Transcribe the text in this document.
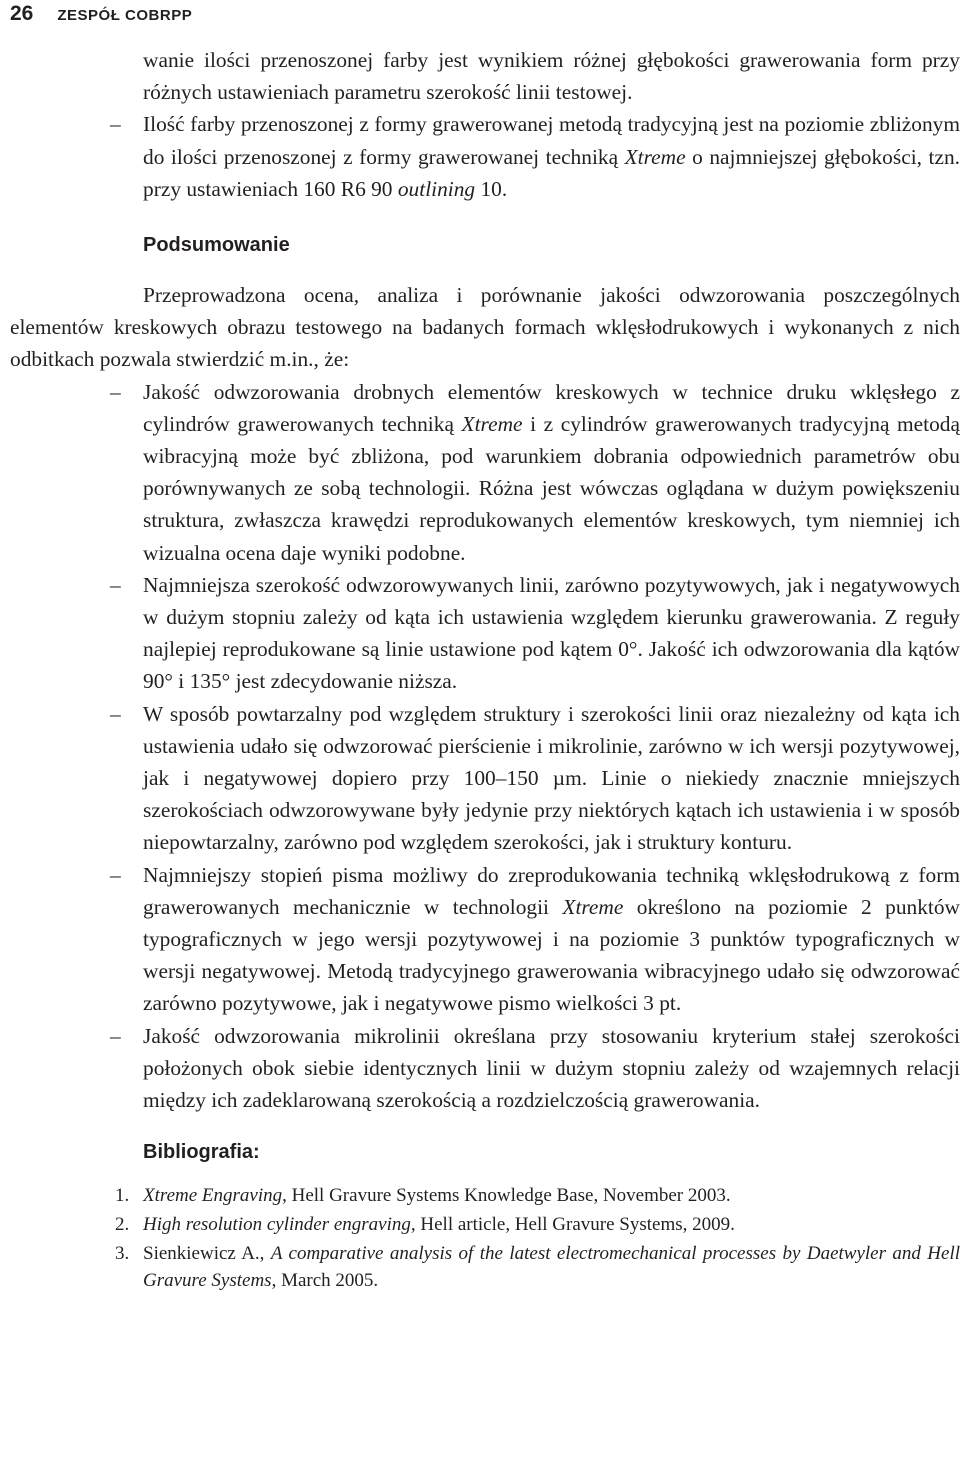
26 ZESPÓŁ COBRPP

wanie ilości przenoszonej farby jest wynikiem różnej głębokości grawerowania form przy różnych ustawieniach parametru szerokość linii testowej.

–	Ilość farby przenoszonej z formy grawerowanej metodą tradycyjną jest na poziomie zbliżonym do ilości przenoszonej z formy grawerowanej techniką Xtreme o najmniejszej głębokości, tzn. przy ustawieniach 160 R6 90 outlining 10.

Podsumowanie

Przeprowadzona ocena, analiza i porównanie jakości odwzorowania poszczególnych elementów kreskowych obrazu testowego na badanych formach wklęsłodrukowych i wykonanych z nich odbitkach pozwala stwierdzić m.in., że:

–	Jakość odwzorowania drobnych elementów kreskowych w technice druku wklęsłego z cylindrów grawerowanych techniką Xtreme i z cylindrów grawerowanych tradycyjną metodą wibracyjną może być zbliżona, pod warunkiem dobrania odpowiednich parametrów obu porównywanych ze sobą technologii. Różna jest wówczas oglądana w dużym powiększeniu struktura, zwłaszcza krawędzi reprodukowanych elementów kreskowych, tym niemniej ich wizualna ocena daje wyniki podobne.

–	Najmniejsza szerokość odwzorowywanych linii, zarówno pozytywowych, jak i negatywowych w dużym stopniu zależy od kąta ich ustawienia względem kierunku grawerowania. Z reguły najlepiej reprodukowane są linie ustawione pod kątem 0°. Jakość ich odwzorowania dla kątów 90° i 135° jest zdecydowanie niższa.

–	W sposób powtarzalny pod względem struktury i szerokości linii oraz niezależny od kąta ich ustawienia udało się odwzorować pierścienie i mikrolinie, zarówno w ich wersji pozytywowej, jak i negatywowej dopiero przy 100–150 µm. Linie o niekiedy znacznie mniejszych szerokościach odwzorowywane były jedynie przy niektórych kątach ich ustawienia i w sposób niepowtarzalny, zarówno pod względem szerokości, jak i struktury konturu.

–	Najmniejszy stopień pisma możliwy do zreprodukowania techniką wklęsłodrukową z form grawerowanych mechanicznie w technologii Xtreme określono na poziomie 2 punktów typograficznych w jego wersji pozytywowej i na poziomie 3 punktów typograficznych w wersji negatywowej. Metodą tradycyjnego grawerowania wibracyjnego udało się odwzorować zarówno pozytywowe, jak i negatywowe pismo wielkości 3 pt.

–	Jakość odwzorowania mikrolinii określana przy stosowaniu kryterium stałej szerokości położonych obok siebie identycznych linii w dużym stopniu zależy od wzajemnych relacji między ich zadeklarowaną szerokością a rozdzielczością grawerowania.

Bibliografia:

1. Xtreme Engraving, Hell Gravure Systems Knowledge Base, November 2003.

2. High resolution cylinder engraving, Hell article, Hell Gravure Systems, 2009.

3. Sienkiewicz A., A comparative analysis of the latest electromechanical processes by Daetwyler and Hell Gravure Systems, March 2005.
